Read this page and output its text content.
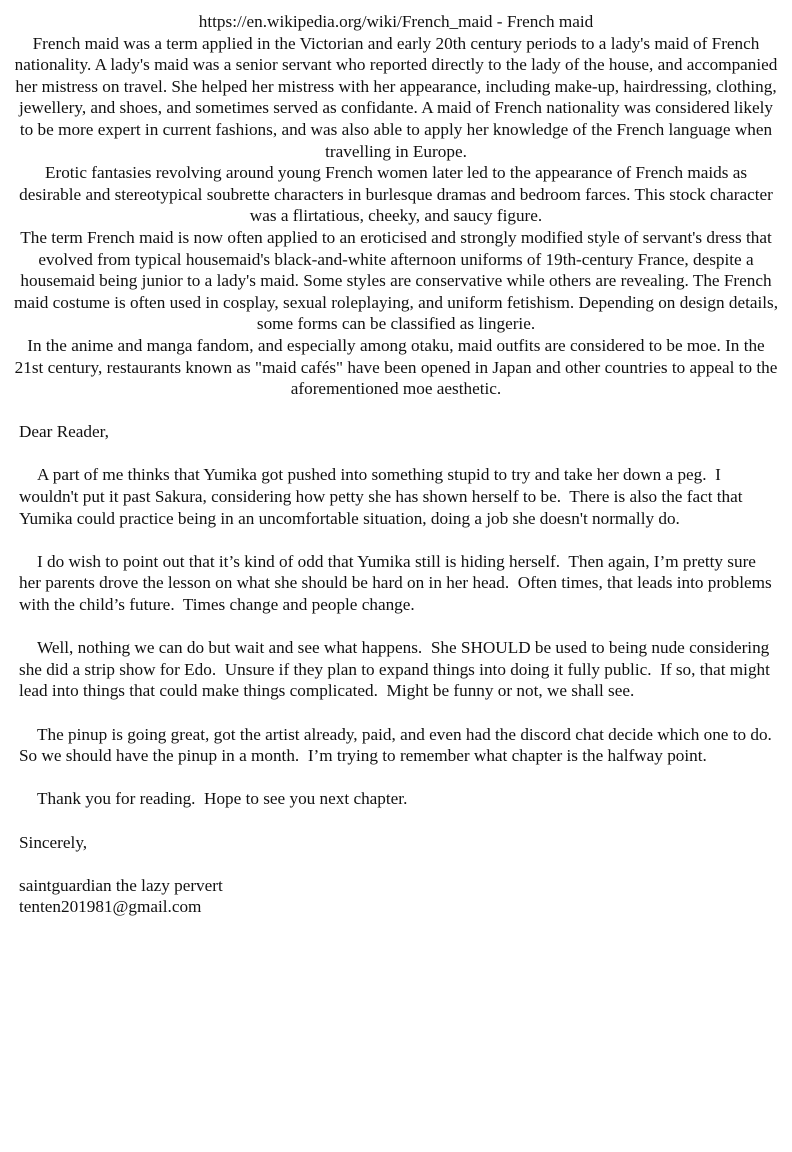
https://en.wikipedia.org/wiki/French_maid - French maid

French maid was a term applied in the Victorian and early 20th century periods to a lady's maid of French nationality. A lady's maid was a senior servant who reported directly to the lady of the house, and accompanied her mistress on travel. She helped her mistress with her appearance, including make-up, hairdressing, clothing, jewellery, and shoes, and sometimes served as confidante. A maid of French nationality was considered likely to be more expert in current fashions, and was also able to apply her knowledge of the French language when travelling in Europe.

Erotic fantasies revolving around young French women later led to the appearance of French maids as desirable and stereotypical soubrette characters in burlesque dramas and bedroom farces. This stock character was a flirtatious, cheeky, and saucy figure.

The term French maid is now often applied to an eroticised and strongly modified style of servant's dress that evolved from typical housemaid's black-and-white afternoon uniforms of 19th-century France, despite a housemaid being junior to a lady's maid. Some styles are conservative while others are revealing. The French maid costume is often used in cosplay, sexual roleplaying, and uniform fetishism. Depending on design details, some forms can be classified as lingerie.

In the anime and manga fandom, and especially among otaku, maid outfits are considered to be moe. In the 21st century, restaurants known as "maid cafés" have been opened in Japan and other countries to appeal to the aforementioned moe aesthetic.

Dear Reader,

A part of me thinks that Yumika got pushed into something stupid to try and take her down a peg.  I wouldn't put it past Sakura, considering how petty she has shown herself to be.  There is also the fact that Yumika could practice being in an uncomfortable situation, doing a job she doesn't normally do.

I do wish to point out that it’s kind of odd that Yumika still is hiding herself.  Then again, I’m pretty sure her parents drove the lesson on what she should be hard on in her head.  Often times, that leads into problems with the child’s future.  Times change and people change.

Well, nothing we can do but wait and see what happens.  She SHOULD be used to being nude considering she did a strip show for Edo.  Unsure if they plan to expand things into doing it fully public.  If so, that might lead into things that could make things complicated.  Might be funny or not, we shall see.

The pinup is going great, got the artist already, paid, and even had the discord chat decide which one to do.  So we should have the pinup in a month.  I’m trying to remember what chapter is the halfway point.

Thank you for reading.  Hope to see you next chapter.

Sincerely,

saintguardian the lazy pervert

tenten201981@gmail.com
